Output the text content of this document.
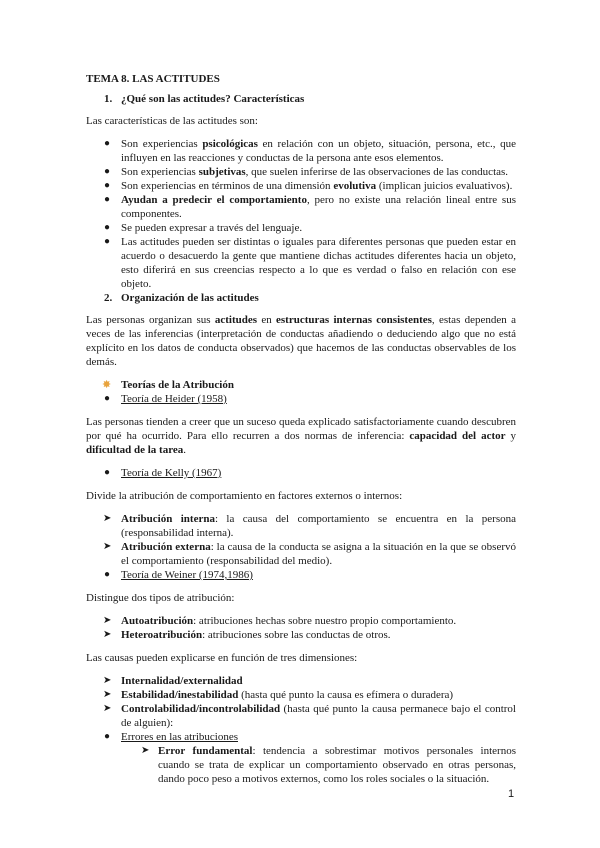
TEMA 8. LAS ACTITUDES

1. ¿Qué son las actitudes? Características

Las características de las actitudes son:

● Son experiencias psicológicas en relación con un objeto, situación, persona, etc., que influyen en las reacciones y conductas de la persona ante esos elementos.
● Son experiencias subjetivas, que suelen inferirse de las observaciones de las conductas.
● Son experiencias en términos de una dimensión evolutiva (implican juicios evaluativos).
● Ayudan a predecir el comportamiento, pero no existe una relación lineal entre sus componentes.
● Se pueden expresar a través del lenguaje.
● Las actitudes pueden ser distintas o iguales para diferentes personas que pueden estar en acuerdo o desacuerdo la gente que mantiene dichas actitudes diferentes hacia un objeto, esto diferirá en sus creencias respecto a lo que es verdad o falso en relación con ese objeto.

2. Organización de las actitudes

Las personas organizan sus actitudes en estructuras internas consistentes, estas dependen a veces de las inferencias (interpretación de conductas añadiendo o deduciendo algo que no está explícito en los datos de conducta observados) que hacemos de las conductas observables de los demás.

✸ Teorías de la Atribución
● Teoría de Heider (1958)

Las personas tienden a creer que un suceso queda explicado satisfactoriamente cuando descubren por qué ha ocurrido. Para ello recurren a dos normas de inferencia: capacidad del actor y dificultad de la tarea.

● Teoría de Kelly (1967)

Divide la atribución de comportamiento en factores externos o internos:

➤ Atribución interna: la causa del comportamiento se encuentra en la persona (responsabilidad interna).
➤ Atribución externa: la causa de la conducta se asigna a la situación en la que se observó el comportamiento (responsabilidad del medio).
● Teoría de Weiner (1974,1986)

Distingue dos tipos de atribución:

➤ Autoatribución: atribuciones hechas sobre nuestro propio comportamiento.
➤ Heteroatribución: atribuciones sobre las conductas de otros.

Las causas pueden explicarse en función de tres dimensiones:

➤ Internalidad/externalidad
➤ Estabilidad/inestabilidad (hasta qué punto la causa es efímera o duradera)
➤ Controlabilidad/incontrolabilidad (hasta qué punto la causa permanece bajo el control de alguien):
● Errores en las atribuciones
➤ Error fundamental: tendencia a sobrestimar motivos personales internos cuando se trata de explicar un comportamiento observado en otras personas, dando poco peso a motivos externos, como los roles sociales o la situación.
1
